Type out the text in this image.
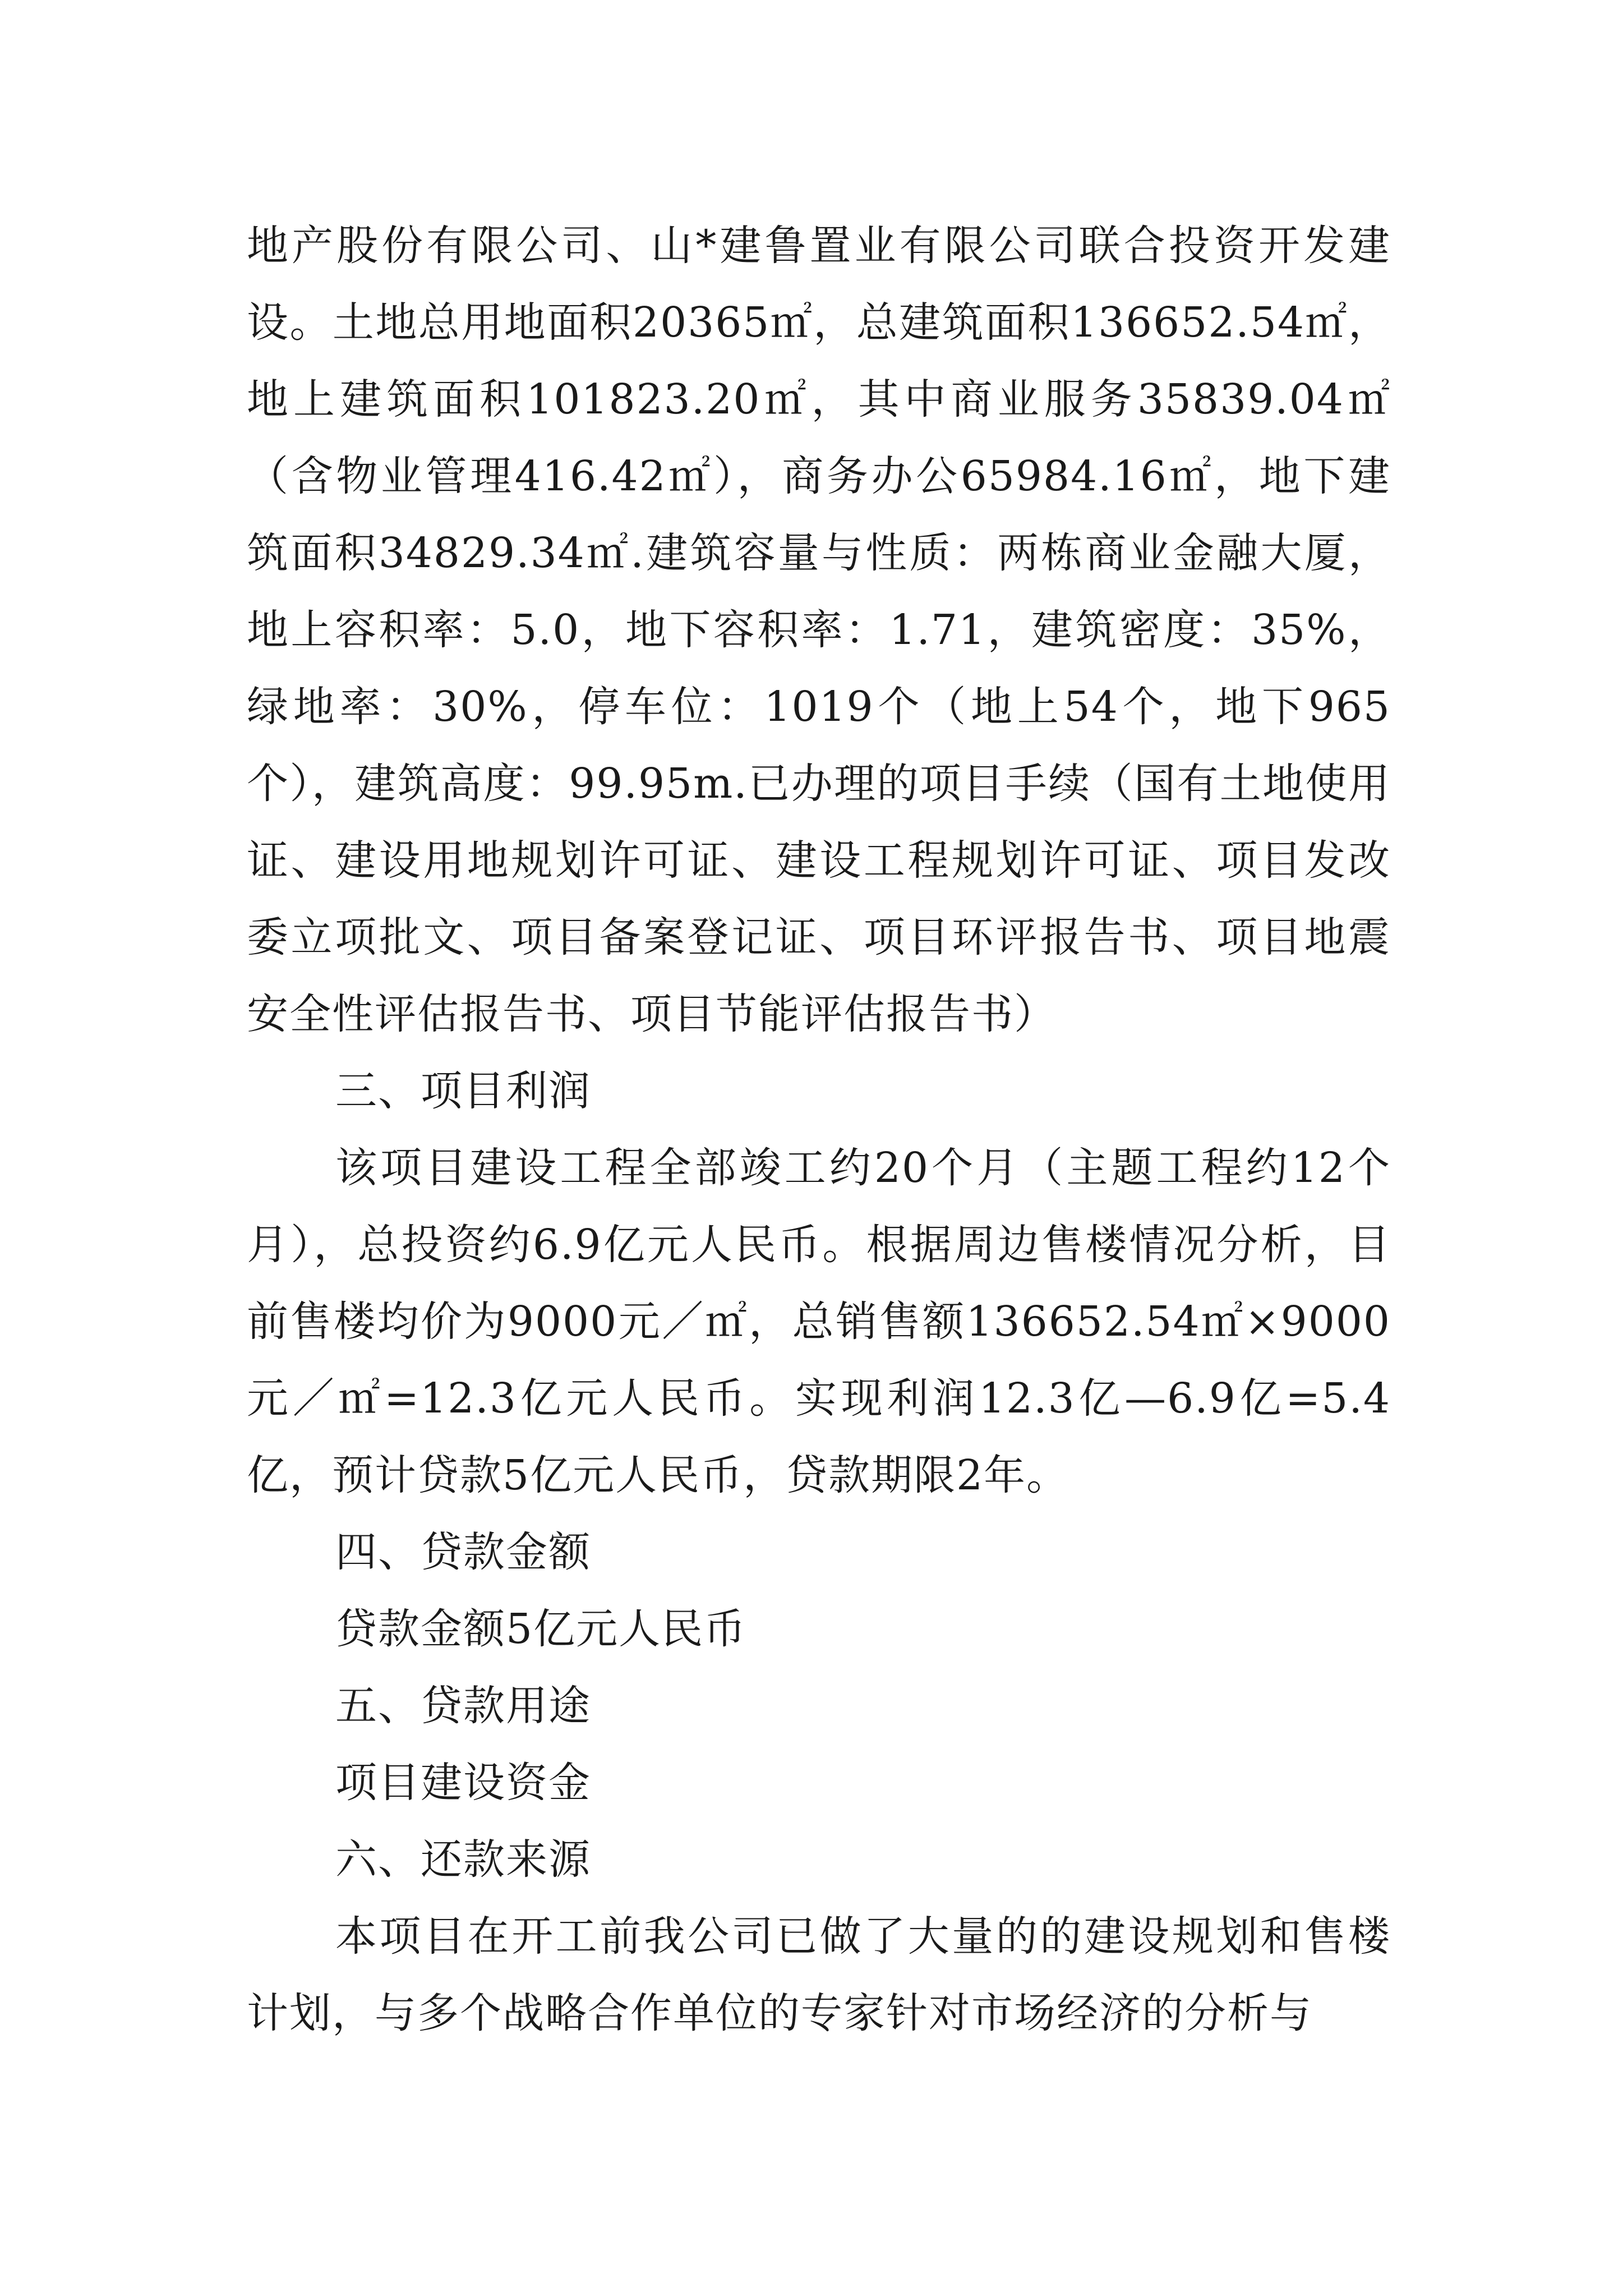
地产股份有限公司、山*建鲁置业有限公司联合投资开发建设。土地总用地面积20365㎡，总建筑面积136652.54㎡，地上建筑面积101823.20㎡，其中商业服务35839.04㎡（含物业管理416.42㎡），商务办公65984.16㎡，地下建筑面积34829.34㎡.建筑容量与性质：两栋商业金融大厦，地上容积率：5.0，地下容积率：1.71，建筑密度：35%，绿地率：30%，停车位：1019个（地上54个，地下965个），建筑高度：99.95m.已办理的项目手续（国有土地使用证、建设用地规划许可证、建设工程规划许可证、项目发改委立项批文、项目备案登记证、项目环评报告书、项目地震安全性评估报告书、项目节能评估报告书）

三、项目利润

该项目建设工程全部竣工约20个月（主题工程约12个月），总投资约6.9亿元人民币。根据周边售楼情况分析，目前售楼均价为9000元／㎡，总销售额136652.54㎡×9000元／㎡=12.3亿元人民币。实现利润12.3亿—6.9亿=5.4亿，预计贷款5亿元人民币，贷款期限2年。

四、贷款金额

贷款金额5亿元人民币

五、贷款用途

项目建设资金

六、还款来源

本项目在开工前我公司已做了大量的的建设规划和售楼计划，与多个战略合作单位的专家针对市场经济的分析与
